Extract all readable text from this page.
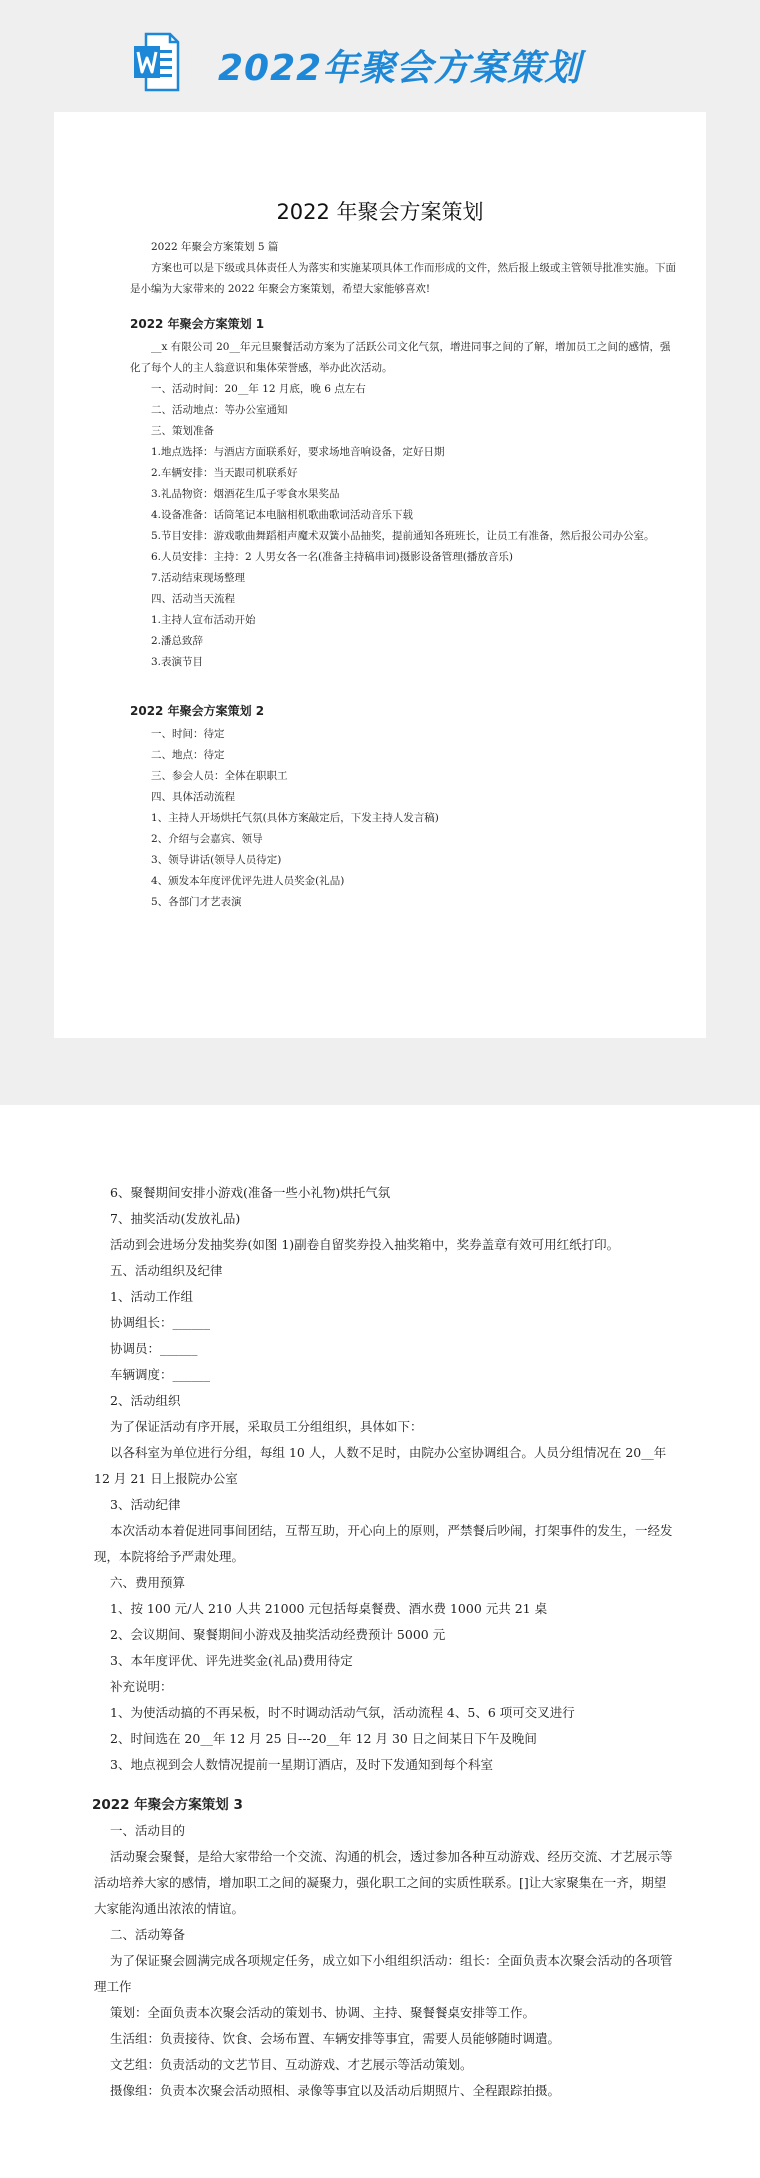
2022年聚会方案策划
2022 年聚会方案策划
2022 年聚会方案策划 5 篇
方案也可以是下级或具体责任人为落实和实施某项具体工作而形成的文件，然后报上级或主管领导批准实施。下面是小编为大家带来的 2022 年聚会方案策划，希望大家能够喜欢!
2022 年聚会方案策划 1
__x 有限公司 20__年元旦聚餐活动方案为了活跃公司文化气氛，增进同事之间的了解，增加员工之间的感情，强化了每个人的主人翁意识和集体荣誉感，举办此次活动。
一、活动时间：20__年 12 月底，晚 6 点左右
二、活动地点：等办公室通知
三、策划准备
1.地点选择：与酒店方面联系好，要求场地音响设备，定好日期
2.车辆安排：当天跟司机联系好
3.礼品物资：烟酒花生瓜子零食水果奖品
4.设备准备：话筒笔记本电脑相机歌曲歌词活动音乐下载
5.节目安排：游戏歌曲舞蹈相声魔术双簧小品抽奖，提前通知各班班长，让员工有准备，然后报公司办公室。
6.人员安排：主持：2 人男女各一名(准备主持稿串词)摄影设备管理(播放音乐)
7.活动结束现场整理
四、活动当天流程
1.主持人宣布活动开始
2.潘总致辞
3.表演节目
2022 年聚会方案策划 2
一、时间：待定
二、地点：待定
三、参会人员：全体在职职工
四、具体活动流程
1、主持人开场烘托气氛(具体方案敲定后，下发主持人发言稿)
2、介绍与会嘉宾、领导
3、领导讲话(领导人员待定)
4、颁发本年度评优评先进人员奖金(礼品)
5、各部门才艺表演
6、聚餐期间安排小游戏(准备一些小礼物)烘托气氛
7、抽奖活动(发放礼品)
活动到会进场分发抽奖券(如图 1)副卷自留奖券投入抽奖箱中，奖券盖章有效可用红纸打印。
五、活动组织及纪律
1、活动工作组
协调组长：______
协调员：______
车辆调度：______
2、活动组织
为了保证活动有序开展，采取员工分组组织，具体如下：
以各科室为单位进行分组，每组 10 人，人数不足时，由院办公室协调组合。人员分组情况在 20__年 12 月 21 日上报院办公室
3、活动纪律
本次活动本着促进同事间团结，互帮互助，开心向上的原则，严禁餐后吵闹，打架事件的发生，一经发现，本院将给予严肃处理。
六、费用预算
1、按 100 元/人 210 人共 21000 元包括每桌餐费、酒水费 1000 元共 21 桌
2、会议期间、聚餐期间小游戏及抽奖活动经费预计 5000 元
3、本年度评优、评先进奖金(礼品)费用待定
补充说明：
1、为使活动搞的不再呆板，时不时调动活动气氛，活动流程 4、5、6 项可交叉进行
2、时间选在 20__年 12 月 25 日---20__年 12 月 30 日之间某日下午及晚间
3、地点视到会人数情况提前一星期订酒店，及时下发通知到每个科室
2022 年聚会方案策划 3
一、活动目的
活动聚会聚餐，是给大家带给一个交流、沟通的机会，透过参加各种互动游戏、经历交流、才艺展示等活动培养大家的感情，增加职工之间的凝聚力，强化职工之间的实质性联系。[]让大家聚集在一齐，期望大家能沟通出浓浓的情谊。
二、活动筹备
为了保证聚会圆满完成各项规定任务，成立如下小组组织活动：组长：全面负责本次聚会活动的各项管理工作
策划：全面负责本次聚会活动的策划书、协调、主持、聚餐餐桌安排等工作。
生活组：负责接待、饮食、会场布置、车辆安排等事宜，需要人员能够随时调遣。
文艺组：负责活动的文艺节目、互动游戏、才艺展示等活动策划。
摄像组：负责本次聚会活动照相、录像等事宜以及活动后期照片、全程跟踪拍摄。
